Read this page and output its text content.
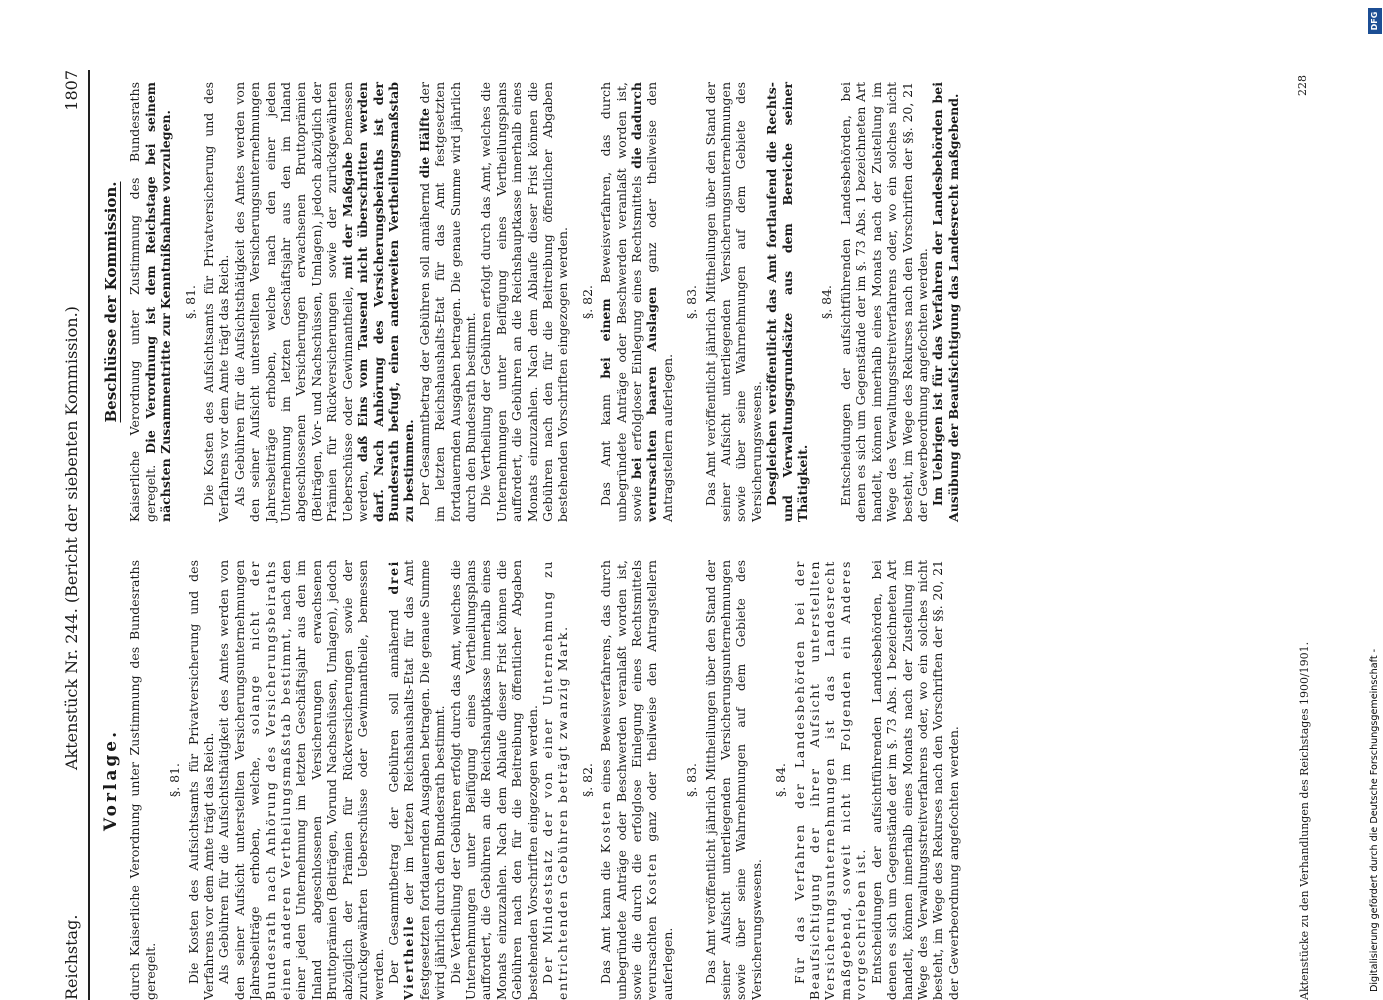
Reichstag.
Aktenstück Nr. 244. (Bericht der siebenten Kommission.)
1807
Vorlage. durch Kaiserliche Verordnung unter Zustimmung des Bundesraths geregelt.

§. 81. Die Kosten des Aufsichtsamts für Privatversicherung und des Verfahrens vor dem Amte trägt das Reich. Als Gebühren für die Aufsichtsthätigkeit des Amtes werden von den seiner Aufsicht unterstellten Versicherungsunternehmungen Jahresbeiträge erhoben, welche, solange nicht der Bundesrath nach Anhörung des Versicherungsbeiraths einen anderen Vertheilungsmaßstab bestimmt, nach den einer jeden Unternehmung im letzten Geschäftsjahr aus den im Inland abgeschlossenen Versicherungen erwachsenen Bruttoprämien (Beiträgen, Vorund Nachschüssen, Umlagen), jedoch abzüglich der Prämien für Rückversicherungen sowie der zurückgewährten Ueberschüsse oder Gewinnantheile, bemessen werden. Der Gesammtbetrag der Gebühren soll annähernd drei Viertheile der im letzten Reichshaushalts-Etat für das Amt festgesetzten fortdauernden Ausgaben betragen. Die genaue Summe wird jährlich durch den Bundesrath bestimmt. Die Vertheilung der Gebühren erfolgt durch das Amt, welches die Unternehmungen unter Beifügung eines Vertheilungsplans auffordert, die Gebühren an die Reichshauptkasse innerhalb eines Monats einzuzahlen. Nach dem Ablaufe dieser Frist können die Gebühren nach den für die Beitreibung öffentlicher Abgaben bestehenden Vorschriften eingezogen werden. Der Mindestsatz der von einer Unternehmung zu entrichtenden Gebühren beträgt zwanzig Mark. §. 82.

Das Amt kann die Kosten eines Beweisverfahrens, das durch unbegründete Anträge oder Beschwerden veranlaßt worden ist, sowie die durch die erfolglose Einlegung eines Rechtsmittels verursachten Kosten ganz oder theilweise den Antragstellern auferlegen.

§. 83. Das Amt veröffentlicht jährlich Mittheilungen über den Stand der seiner Aufsicht unterliegenden Versicherungsunternehmungen sowie über seine Wahrnehmungen auf dem Gebiete des Versicherungswesens.

§. 84. Für das Verfahren der Landesbehörden bei der Beaufsichtigung der ihrer Aufsicht unterstellten Versicherungsunternehmungen ist das Landesrecht maßgebend, soweit nicht im Folgenden ein Anderes vorgeschrieben ist. Entscheidungen der aufsichtführenden Landesbehörden, bei denen es sich um Gegenstände der im §. 73 Abs. 1 bezeichneten Art handelt, können innerhalb eines Monats nach der Zustellung im Wege des Verwaltungsstreitverfahrens oder, wo ein solches nicht besteht, im Wege des Rekurses nach den Vorschriften der §§. 20, 21 der Gewerbeordnung angefochten werden.

Beschlüsse der Kommission. Kaiserliche Verordnung unter Zustimmung des Bundesraths geregelt. Die Verordnung ist dem Reichstage bei seinem nächsten Zusammentritte zur Kenntnißnahme vorzulegen. §. 81. Die Kosten des Aufsichtsamts für Privatversicherung und des Verfahrens vor dem Amte trägt das Reich. Als Gebühren für die Aufsichtsthätigkeit des Amtes werden von den seiner Aufsicht unterstellten Versicherungsunternehmungen Jahresbeiträge erhoben, welche nach den einer jeden Unternehmung im letzten Geschäftsjahr aus den im Inland abgeschlossenen Versicherungen erwachsenen Bruttoprämien (Beiträgen, Vor- und Nachschüssen, Umlagen), jedoch abzüglich der Prämien für Rückversicherungen sowie der zurückgewährten Ueberschüsse oder Gewinnantheile, mit der Maßgabe bemessen werden, daß Eins vom Tausend nicht überschritten werden darf. Nach Anhörung des Versicherungsbeiraths ist der Bundesrath befugt, einen anderweiten Vertheilungsmaßstab zu bestimmen. Der Gesammtbetrag der Gebühren soll annähernd die Hälfte der im letzten Reichshaushalts-Etat für das Amt festgesetzten fortdauernden Ausgaben betragen. Die genaue Summe wird jährlich durch den Bundesrath bestimmt. Die Vertheilung der Gebühren erfolgt durch das Amt, welches die Unternehmungen unter Beifügung eines Vertheilungsplans auffordert, die Gebühren an die Reichshauptkasse innerhalb eines Monats einzuzahlen. Nach dem Ablaufe dieser Frist können die Gebühren nach den für die Beitreibung öffentlicher Abgaben bestehenden Vorschriften eingezogen werden. §. 82.

Das Amt kann bei einem Beweisverfahren, das durch unbegründete Anträge oder Beschwerden veranlaßt worden ist, sowie bei erfolgloser Einlegung eines Rechtsmittels die dadurch verursachten baaren Auslagen ganz oder theilweise den Antragstellern auferlegen.

§. 83. Das Amt veröffentlicht jährlich Mittheilungen über den Stand der seiner Aufsicht unterliegenden Versicherungsunternehmungen sowie über seine Wahrnehmungen auf dem Gebiete des Versicherungswesens. Desgleichen veröffentlicht das Amt fortlaufend die Rechts- und Verwaltungsgrundsätze aus dem Bereiche seiner Thätigkeit.

§. 84. Entscheidungen der aufsichtführenden Landesbehörden, bei denen es sich um Gegenstände der im §. 73 Abs. 1 bezeichneten Art handelt, können innerhalb eines Monats nach der Zustellung im Wege des Verwaltungsstreitverfahrens oder, wo ein solches nicht besteht, im Wege des Rekurses nach den Vorschriften der §§. 20, 21 der Gewerbeordnung angefochten werden. Im Uebrigen ist für das Verfahren der Landesbehörden bei Ausübung der Beaufsichtigung das Landesrecht maßgebend.

Aktenstücke zu den Verhandlungen des Reichstages 1900/1901.
228
Digitalisierung gefördert durch die Deutsche Forschungsgemeinschaft -
DFG
